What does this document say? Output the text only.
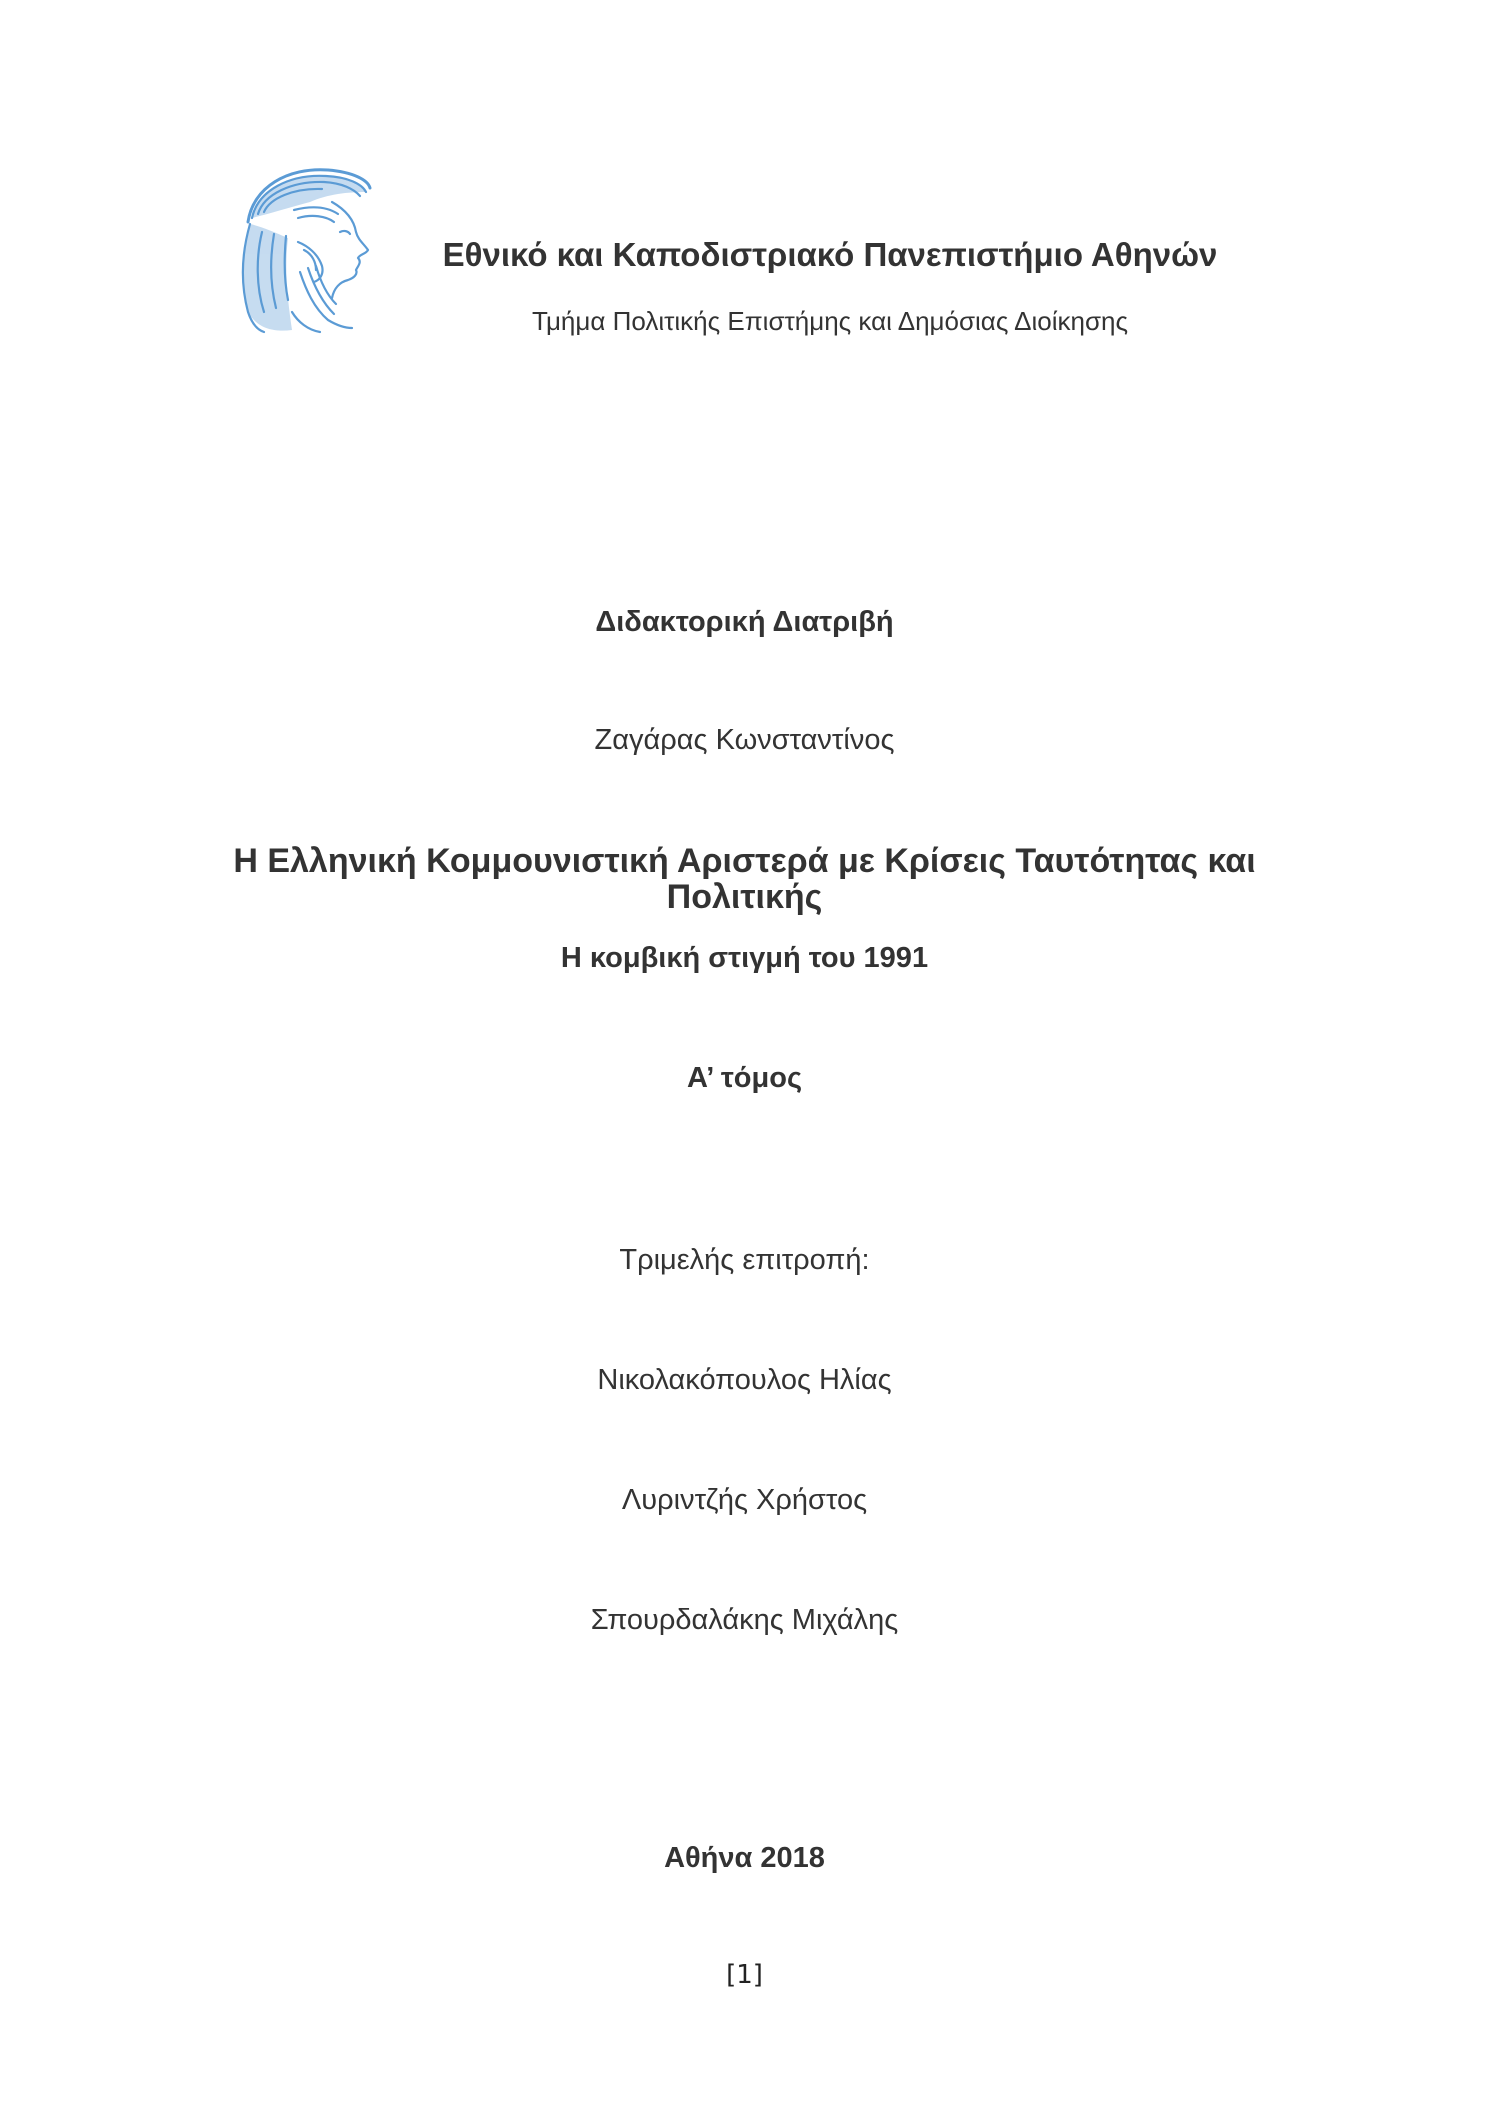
Εθνικό και Καποδιστριακό Πανεπιστήμιο Αθηνών
Τμήμα Πολιτικής Επιστήμης και Δημόσιας Διοίκησης
Διδακτορική Διατριβή
Ζαγάρας Κωνσταντίνος
Η Ελληνική Κομμουνιστική Αριστερά με Κρίσεις Ταυτότητας και Πολιτικής
Η κομβική στιγμή του 1991
Α’ τόμος
Τριμελής επιτροπή:
Νικολακόπουλος Ηλίας
Λυριντζής Χρήστος
Σπουρδαλάκης Μιχάλης
Αθήνα 2018
[1]
